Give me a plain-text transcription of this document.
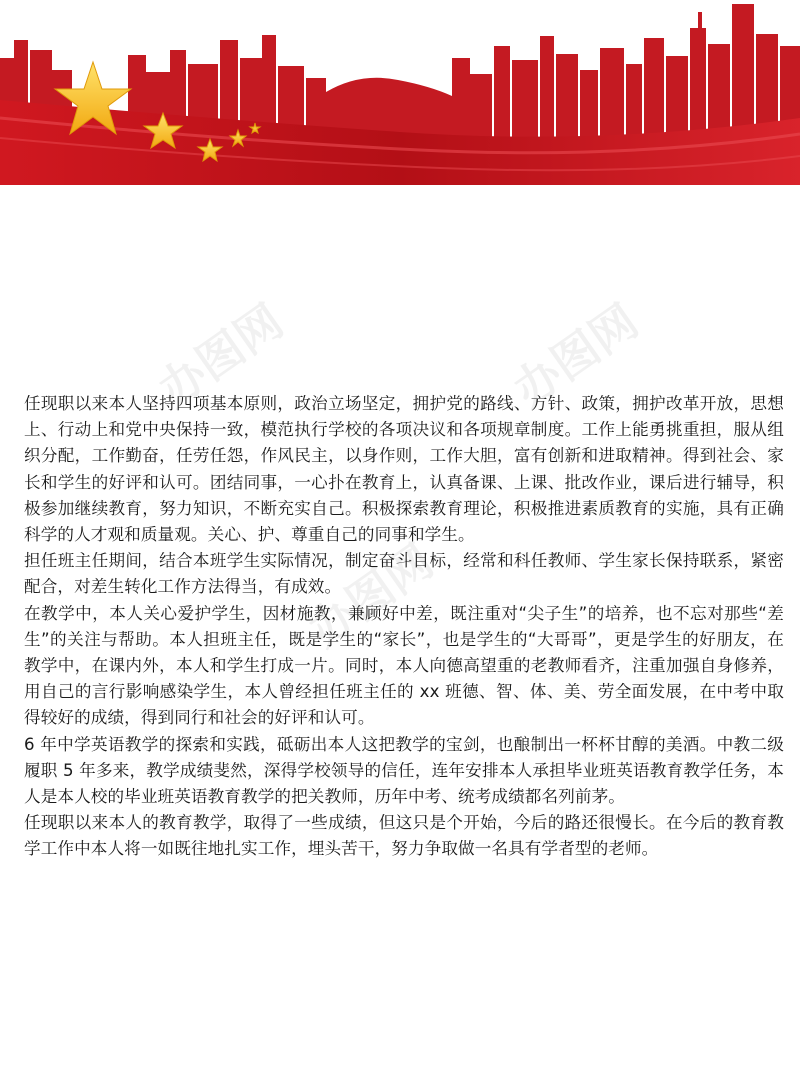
办图网	办图网
办图网

任现职以来本人坚持四项基本原则，政治立场坚定，拥护党的路线、方针、政策，拥护改革开放，思想上、行动上和党中央保持一致，模范执行学校的各项决议和各项规章制度。工作上能勇挑重担，服从组织分配，工作勤奋，任劳任怨，作风民主，以身作则，工作大胆，富有创新和进取精神。得到社会、家长和学生的好评和认可。团结同事，一心扑在教育上，认真备课、上课、批改作业，课后进行辅导，积极参加继续教育，努力知识，不断充实自己。积极探索教育理论，积极推进素质教育的实施，具有正确科学的人才观和质量观。关心、护、尊重自己的同事和学生。

担任班主任期间，结合本班学生实际情况，制定奋斗目标，经常和科任教师、学生家长保持联系，紧密配合，对差生转化工作方法得当，有成效。

在教学中，本人关心爱护学生，因材施教，兼顾好中差，既注重对“尖子生”的培养，也不忘对那些“差生”的关注与帮助。本人担班主任，既是学生的“家长”，也是学生的“大哥哥”，更是学生的好朋友，在教学中，在课内外，本人和学生打成一片。同时，本人向德高望重的老教师看齐，注重加强自身修养，用自己的言行影响感染学生，本人曾经担任班主任的 xx 班德、智、体、美、劳全面发展，在中考中取得较好的成绩，得到同行和社会的好评和认可。

6 年中学英语教学的探索和实践，砥砺出本人这把教学的宝剑，也酿制出一杯杯甘醇的美酒。中教二级履职 5 年多来，教学成绩斐然，深得学校领导的信任，连年安排本人承担毕业班英语教育教学任务，本人是本人校的毕业班英语教育教学的把关教师，历年中考、统考成绩都名列前茅。

任现职以来本人的教育教学，取得了一些成绩，但这只是个开始，今后的路还很慢长。在今后的教育教学工作中本人将一如既往地扎实工作，埋头苦干，努力争取做一名具有学者型的老师。
